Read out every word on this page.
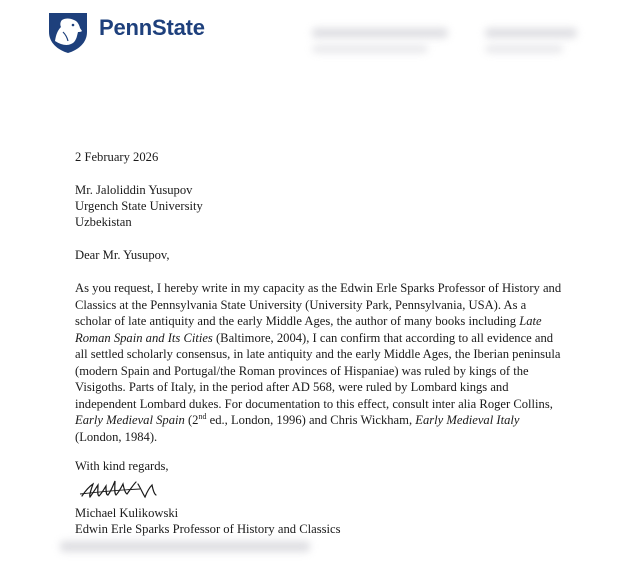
PennState
2 February 2026
Mr. Jaloliddin Yusupov
Urgench State University
Uzbekistan
Dear Mr. Yusupov,
As you request, I hereby write in my capacity as the Edwin Erle Sparks Professor of History and
Classics at the Pennsylvania State University (University Park, Pennsylvania, USA). As a
scholar of late antiquity and the early Middle Ages, the author of many books including Late
Roman Spain and Its Cities (Baltimore, 2004), I can confirm that according to all evidence and
all settled scholarly consensus, in late antiquity and the early Middle Ages, the Iberian peninsula
(modern Spain and Portugal/the Roman provinces of Hispaniae) was ruled by kings of the
Visigoths. Parts of Italy, in the period after AD 568, were ruled by Lombard kings and
independent Lombard dukes. For documentation to this effect, consult inter alia Roger Collins,
Early Medieval Spain (2nd ed., London, 1996) and Chris Wickham, Early Medieval Italy
(London, 1984).
With kind regards,
Michael Kulikowski
Edwin Erle Sparks Professor of History and Classics
